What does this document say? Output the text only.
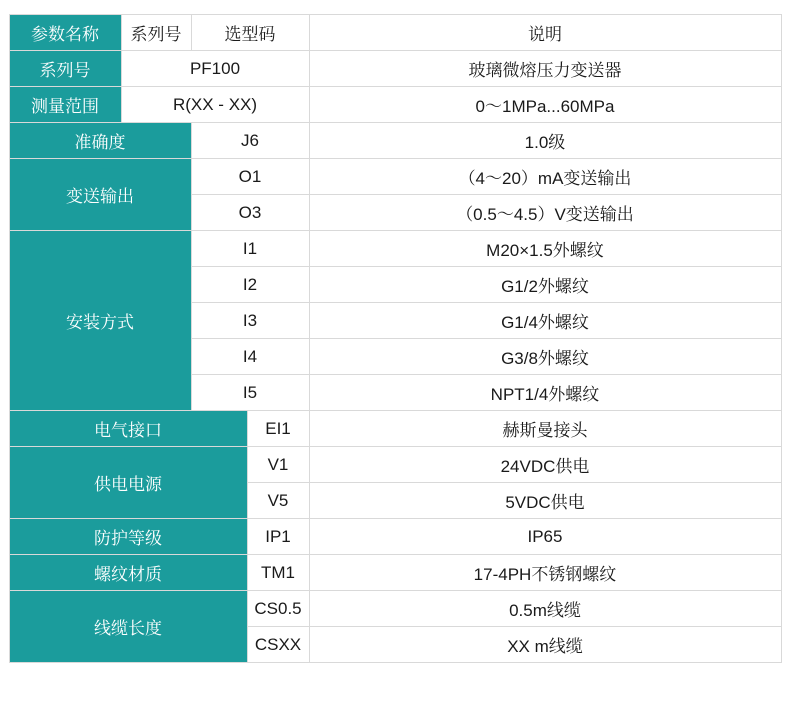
参数名称	系列号	选型码		说明
系列号	PF100			玻璃微熔压力变送器
测量范围	R(XX - XX)			0～1MPa...60MPa
准确度		J6		1.0级
变送输出		O1		（4～20）mA变送输出
		O3		（0.5～4.5）V变送输出
安装方式		I1		M20×1.5外螺纹
		I2		G1/2外螺纹
		I3		G1/4外螺纹
		I4		G3/8外螺纹
		I5		NPT1/4外螺纹
电气接口			EI1	赫斯曼接头
供电电源			V1	24VDC供电
			V5	5VDC供电
防护等级			IP1	IP65
螺纹材质			TM1	17-4PH不锈钢螺纹
线缆长度			CS0.5	0.5m线缆
			CSXX	XX m线缆
